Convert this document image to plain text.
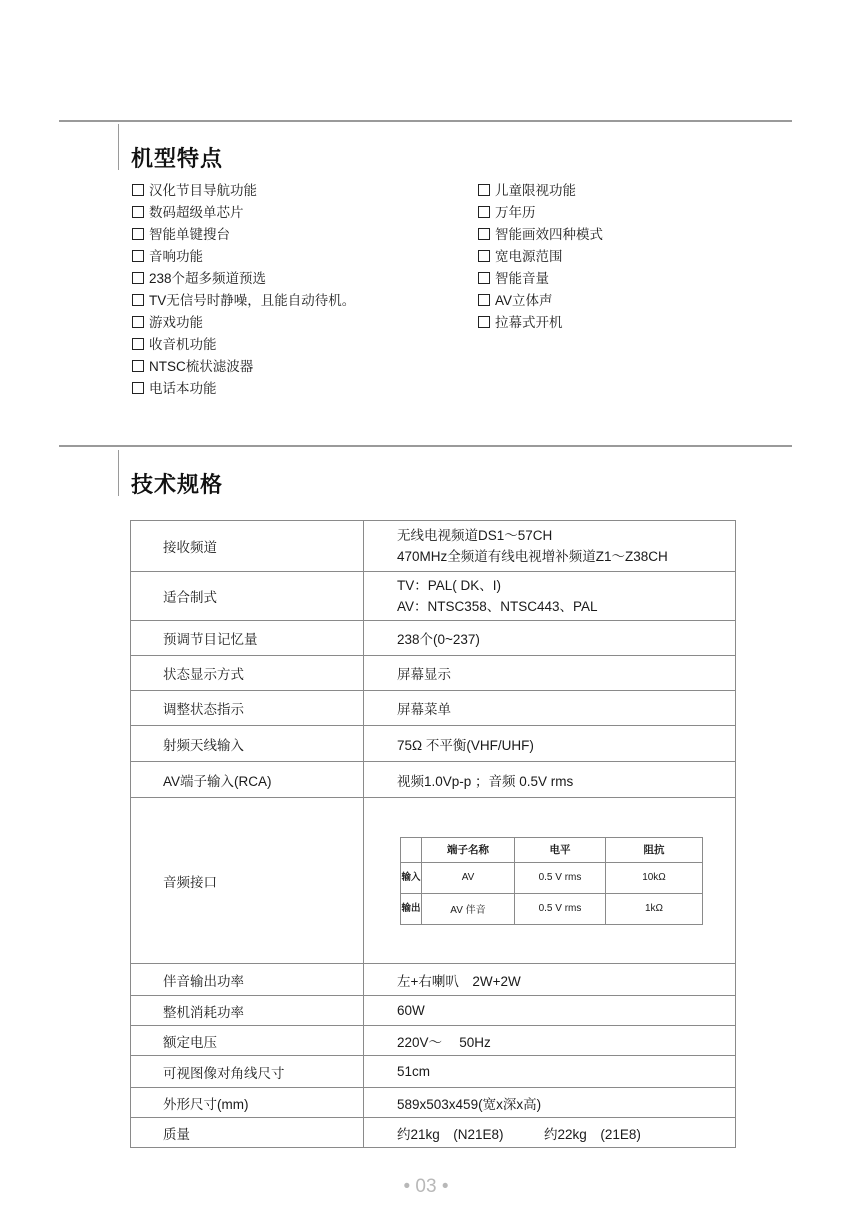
机型特点
汉化节目导航功能
数码超级单芯片
智能单键搜台
音响功能
238个超多频道预选
TV无信号时静噪，且能自动待机。
游戏功能
收音机功能
NTSC梳状滤波器
电话本功能
儿童限视功能
万年历
智能画效四种模式
宽电源范围
智能音量
AV立体声
拉幕式开机
技术规格
接收频道	
无线电视频道DS1～57CH
470MHz全频道有线电视增补频道Z1～Z38CH

适合制式	
TV：PAL( DK、I)
AV：NTSC358、NTSC443、PAL

预调节目记忆量	238个(0~237)
状态显示方式	屏幕显示
调整状态指示	屏幕菜单
射频天线输入	75Ω 不平衡(VHF/UHF)
AV端子输入(RCA)	视频1.0Vp-p ；音频 0.5V rms
音频接口	
	端子名称	电平	阻抗
输入	AV	0.5 V rms	10kΩ
输出	AV 伴音	0.5 V rms	1kΩ

伴音输出功率	左+右喇叭　2W+2W
整机消耗功率	60W
额定电压	220V～　 50Hz
可视图像对角线尺寸	51cm
外形尺寸(mm)	589x503x459(宽x深x高)
质量	约21kg　(N21E8)　　　约22kg　(21E8)
• 03 •
